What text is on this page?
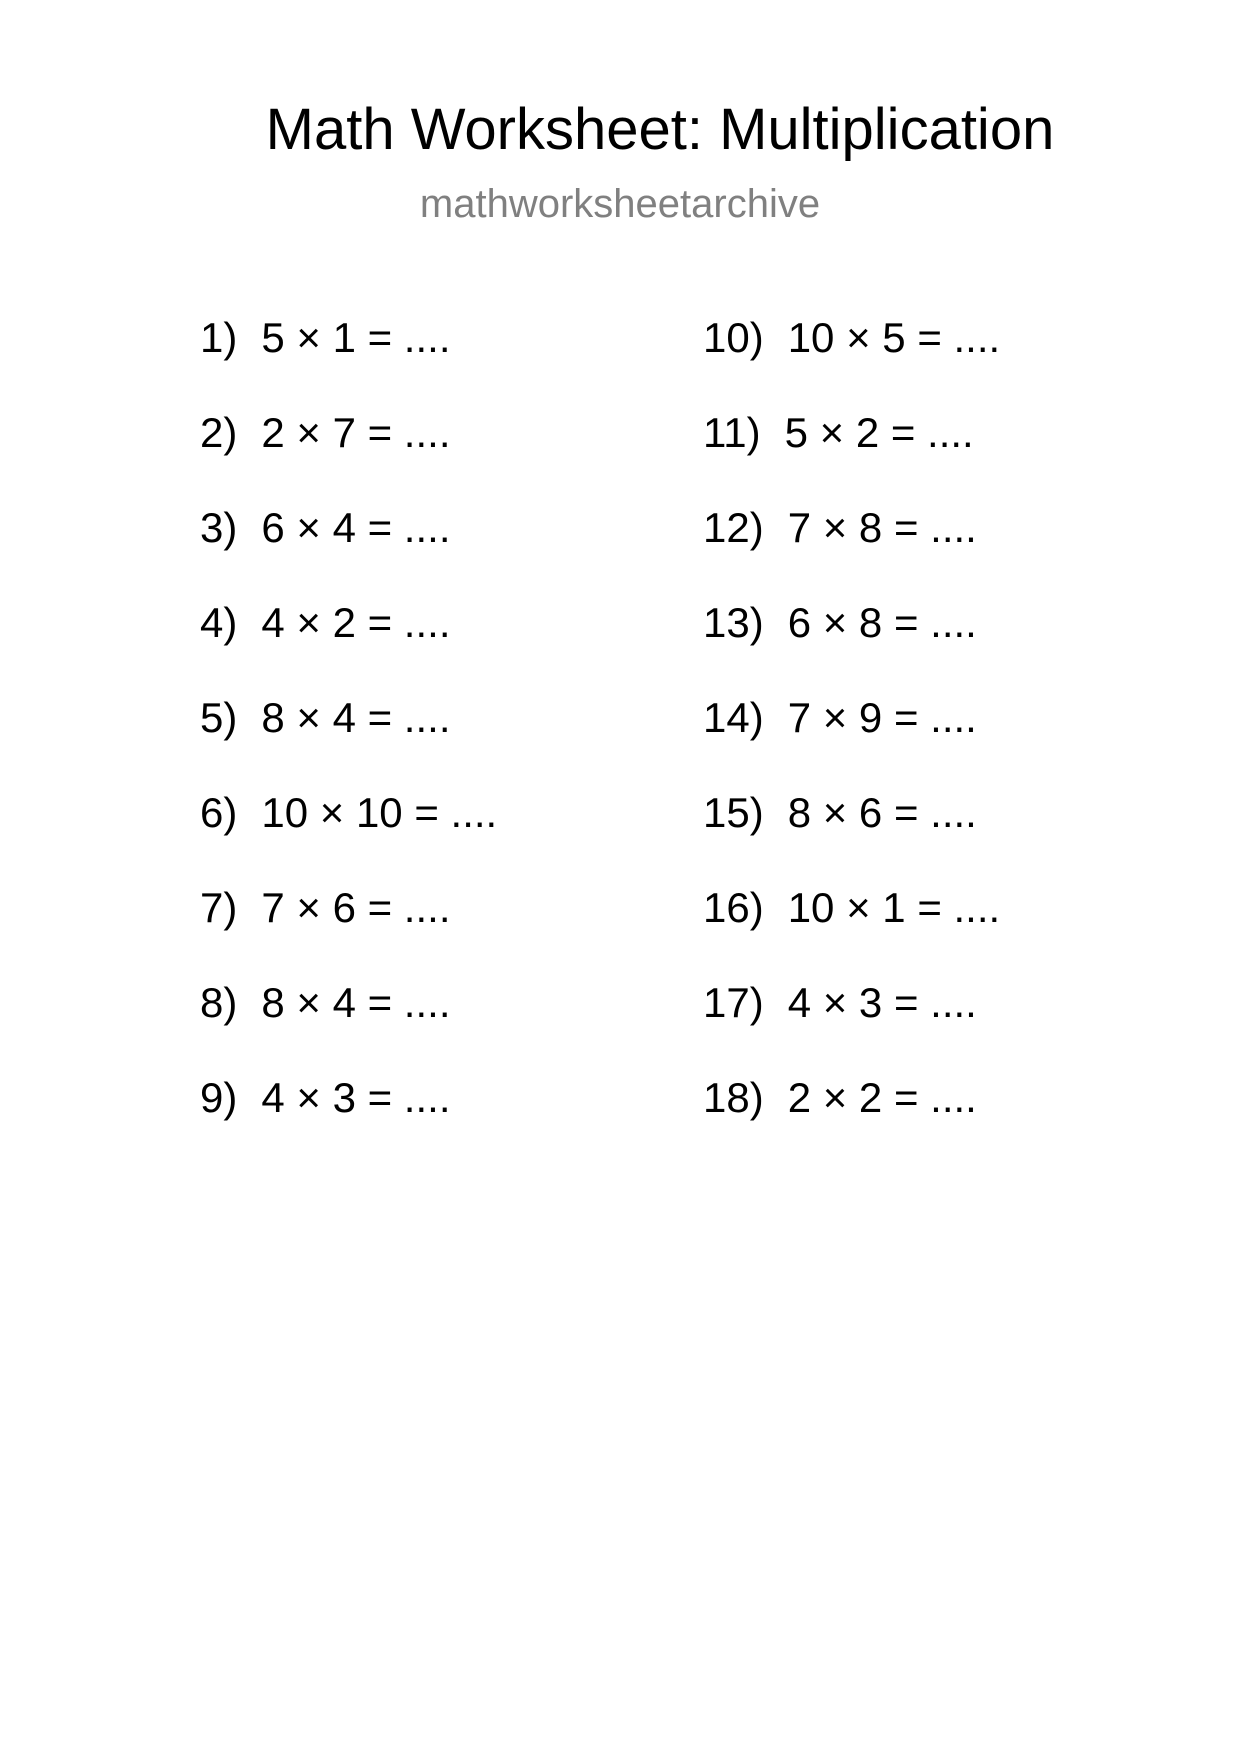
Math Worksheet: Multiplication
mathworksheetarchive
1) 5 × 1 = ....
2) 2 × 7 = ....
3) 6 × 4 = ....
4) 4 × 2 = ....
5) 8 × 4 = ....
6) 10 × 10 = ....
7) 7 × 6 = ....
8) 8 × 4 = ....
9) 4 × 3 = ....
10) 10 × 5 = ....
11) 5 × 2 = ....
12) 7 × 8 = ....
13) 6 × 8 = ....
14) 7 × 9 = ....
15) 8 × 6 = ....
16) 10 × 1 = ....
17) 4 × 3 = ....
18) 2 × 2 = ....
